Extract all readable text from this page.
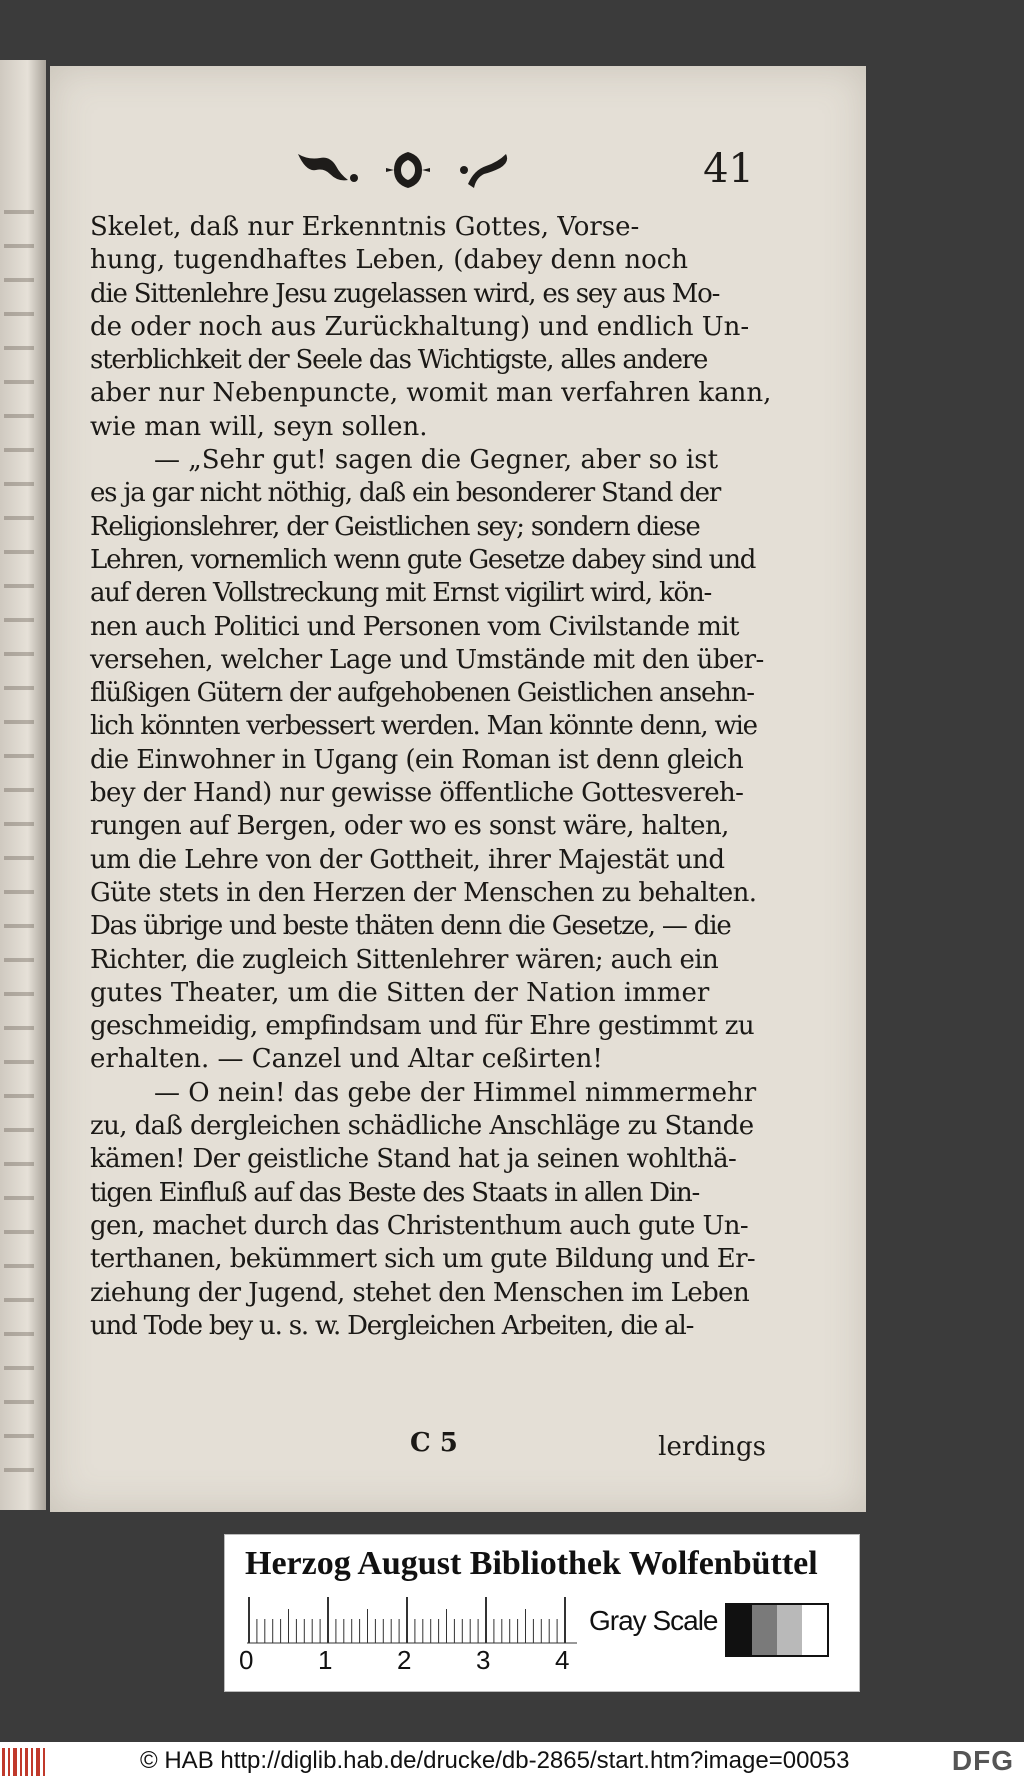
41
Skelet, daß nur Erkenntnis Gottes, Vorse-
hung, tugendhaftes Leben, (dabey denn noch
die Sittenlehre Jesu zugelassen wird, es sey aus Mo-
de oder noch aus Zurückhaltung) und endlich Un-
sterblichkeit der Seele das Wichtigste, alles andere
aber nur Nebenpuncte, womit man verfahren kann,
wie man will, seyn sollen.
— „Sehr gut! sagen die Gegner, aber so ist
es ja gar nicht nöthig, daß ein besonderer Stand der
Religionslehrer, der Geistlichen sey; sondern diese
Lehren, vornemlich wenn gute Gesetze dabey sind und
auf deren Vollstreckung mit Ernst vigilirt wird, kön-
nen auch Politici und Personen vom Civilstande mit
versehen, welcher Lage und Umstände mit den über-
flüßigen Gütern der aufgehobenen Geistlichen ansehn-
lich könnten verbessert werden. Man könnte denn, wie
die Einwohner in Ugang (ein Roman ist denn gleich
bey der Hand) nur gewisse öffentliche Gottesvereh-
rungen auf Bergen, oder wo es sonst wäre, halten,
um die Lehre von der Gottheit, ihrer Majestät und
Güte stets in den Herzen der Menschen zu behalten.
Das übrige und beste thäten denn die Gesetze, — die
Richter, die zugleich Sittenlehrer wären; auch ein
gutes Theater, um die Sitten der Nation immer
geschmeidig, empfindsam und für Ehre gestimmt zu
erhalten. — Canzel und Altar ceßirten!
— O nein! das gebe der Himmel nimmermehr
zu, daß dergleichen schädliche Anschläge zu Stande
kämen! Der geistliche Stand hat ja seinen wohlthä-
tigen Einfluß auf das Beste des Staats in allen Din-
gen, machet durch das Christenthum auch gute Un-
terthanen, bekümmert sich um gute Bildung und Er-
ziehung der Jugend, stehet den Menschen im Leben
und Tode bey u. s. w. Dergleichen Arbeiten, die al-
C 5	lerdings
Herzog August Bibliothek Wolfenbüttel
Gray Scale
0 1 2 3 4
© HAB http://diglib.hab.de/drucke/db-2865/start.htm?image=00053	DFG
